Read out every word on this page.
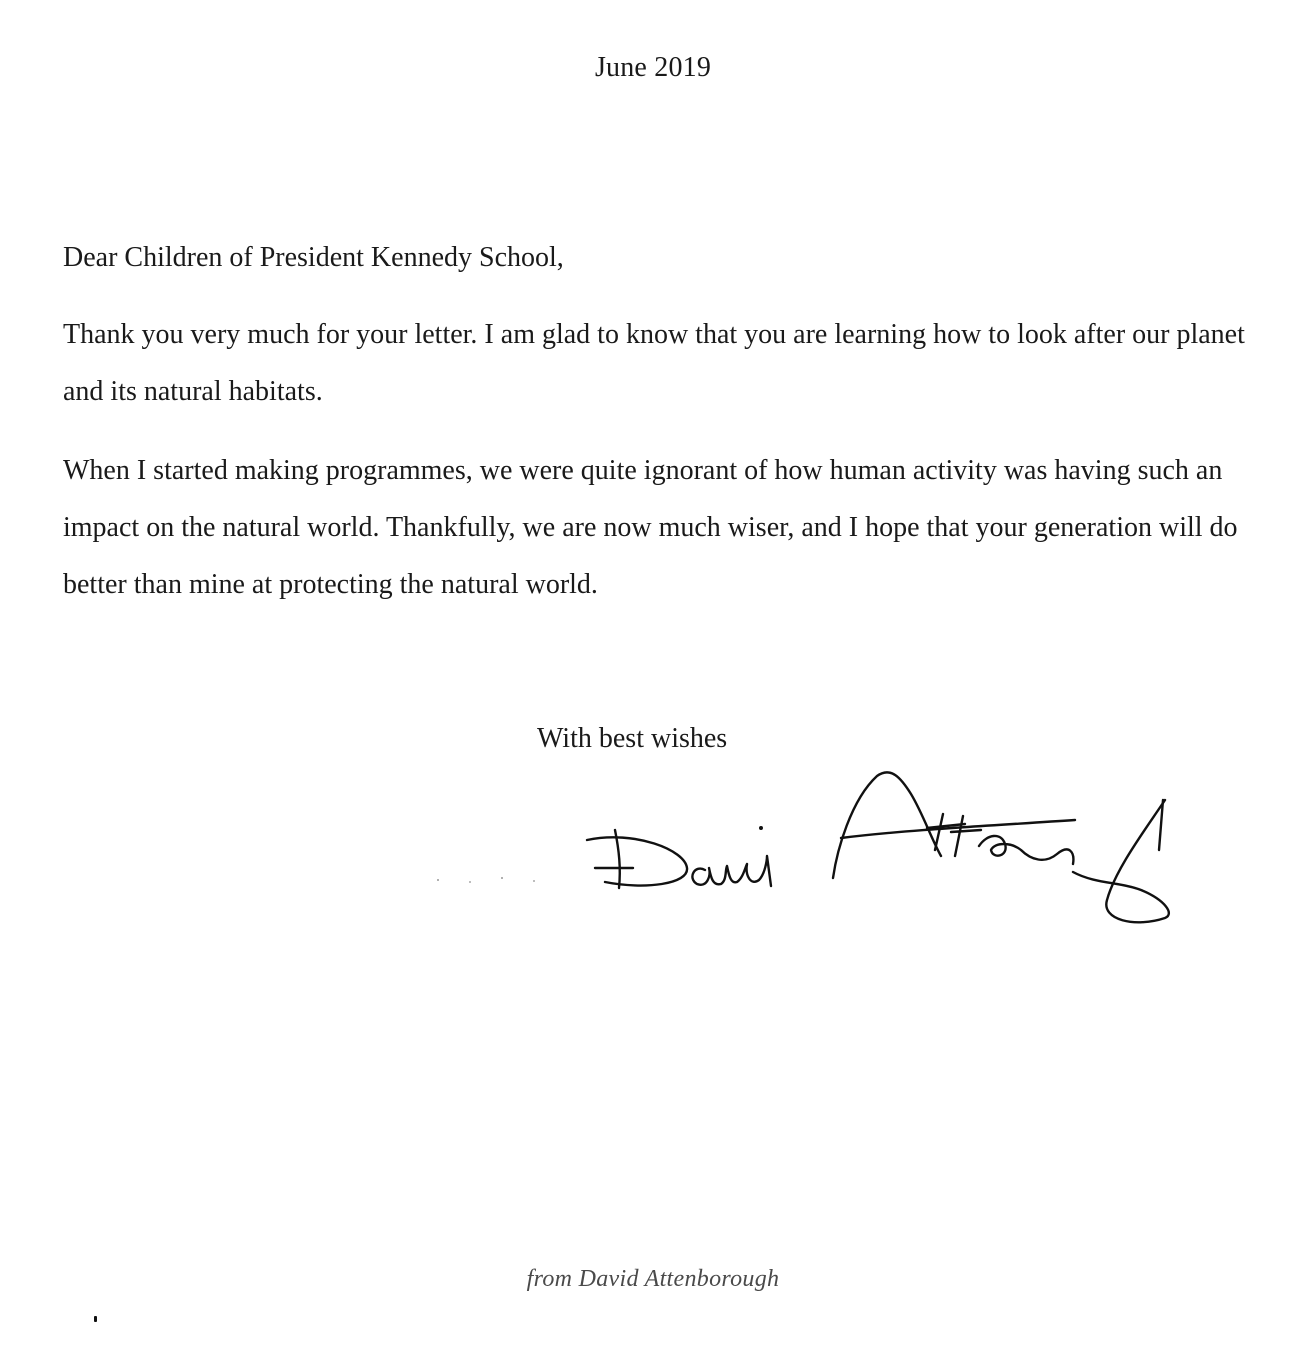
June 2019
Dear Children of President Kennedy School,
Thank you very much for your letter. I am glad to know that you are learning how to look after our planet and its natural habitats.
When I started making programmes, we were quite ignorant of how human activity was having such an impact on the natural world. Thankfully, we are now much wiser, and I hope that your generation will do better than mine at protecting the natural world.
With best wishes
from David Attenborough
